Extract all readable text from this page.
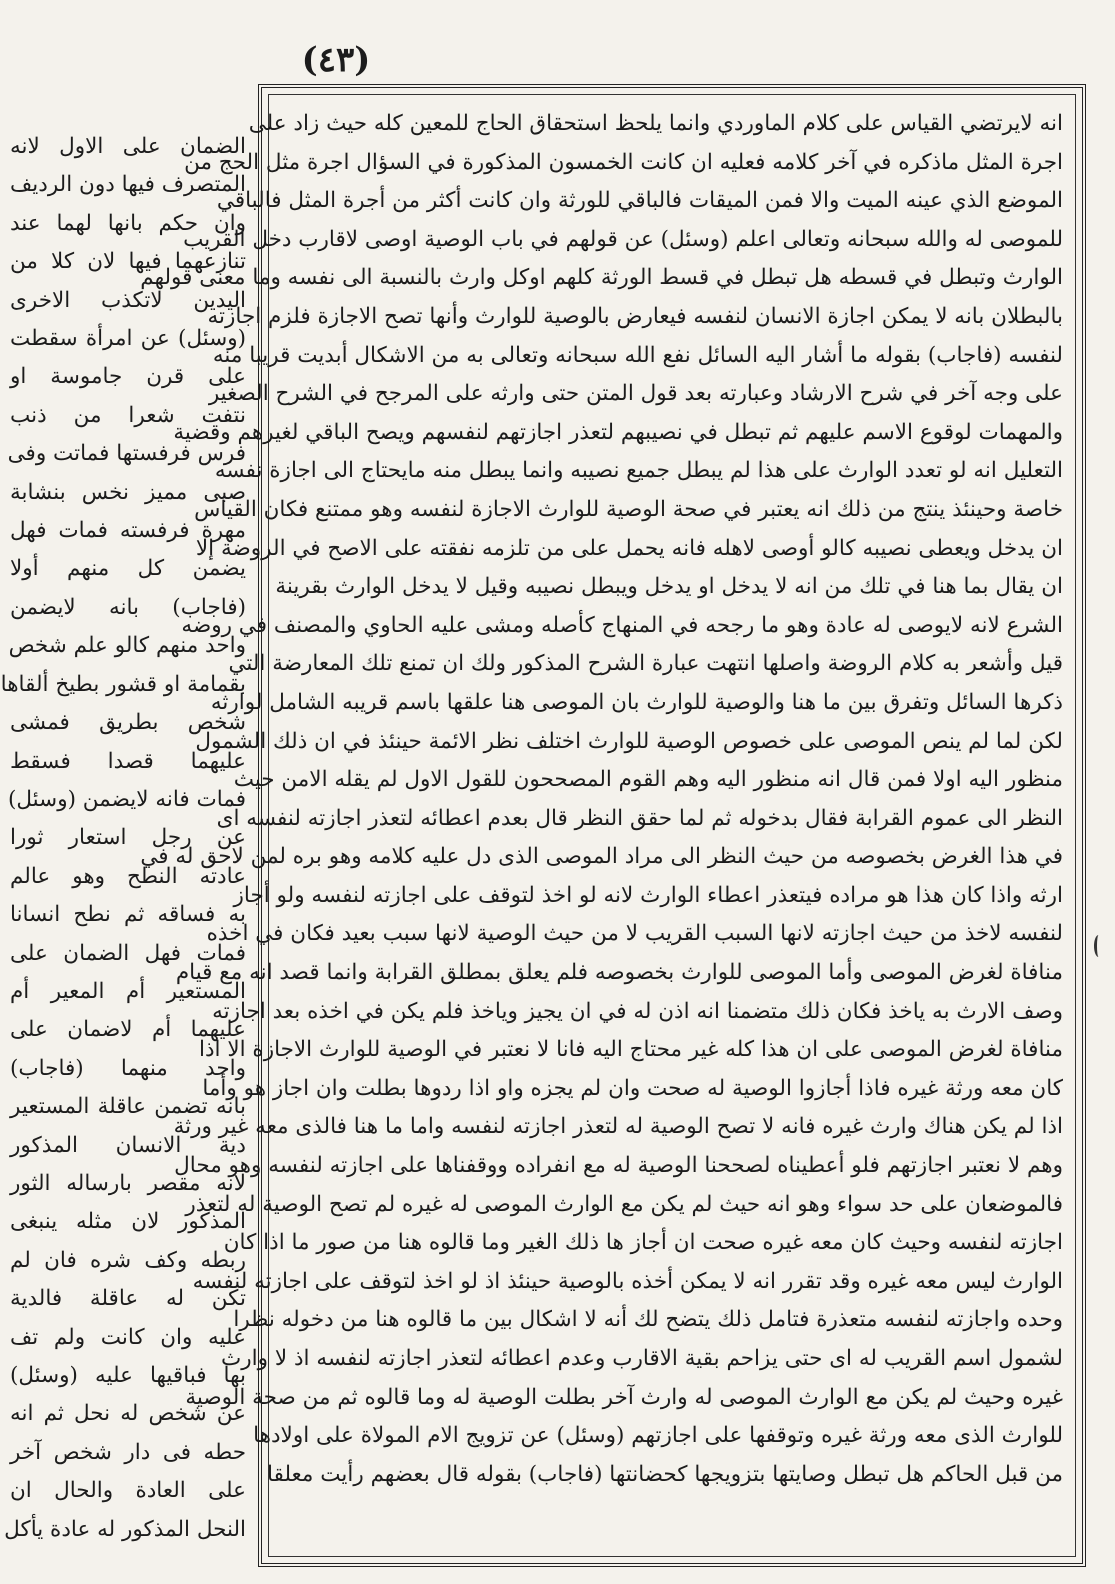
(٤٣)
الضمان على الاول لانه
المتصرف فيها دون الرديف
وان حكم بانها لهما عند
تنازعهما فيها لان كلا من
اليدين لاتكذب الاخرى
(وسئل) عن امرأة سقطت
على قرن جاموسة او
نتفت شعرا من ذنب
فرس فرفستها فماتت وفى
صبى مميز نخس بنشابة
مهرة فرفسته فمات فهل
يضمن كل منهم أولا
(فاجاب) بانه لايضمن
واحد منهم كالو علم شخص
بقمامة او قشور بطيخ ألقاها
شخص بطريق فمشى
عليهما قصدا فسقط
فمات فانه لايضمن (وسئل)
عن رجل استعار ثورا
عادته النطح وهو عالم
به فساقه ثم نطح انسانا
فمات فهل الضمان على
المستعير أم المعير أم
عليهما أم لاضمان على
واحد منهما (فاجاب)
بانه تضمن عاقلة المستعير
دية الانسان المذكور
لانه مقصر بارساله الثور
المذكور لان مثله ينبغى
ربطه وكف شره فان لم
تكن له عاقلة فالدية
عليه وان كانت ولم تف
بها فباقيها عليه (وسئل)
عن شخص له نحل ثم انه
حطه فى دار شخص آخر
على العادة والحال ان
النحل المذكور له عادة يأكل
انه لايرتضي القياس على كلام الماوردي وانما يلحظ استحقاق الحاج للمعين كله حيث زاد على
اجرة المثل ماذكره في آخر كلامه فعليه ان كانت الخمسون المذكورة في السؤال اجرة مثل الحج من
الموضع الذي عينه الميت والا فمن الميقات فالباقي للورثة وان كانت أكثر من أجرة المثل فالباقي
للموصى له والله سبحانه وتعالى اعلم (وسئل) عن قولهم في باب الوصية اوصى لاقارب دخل القريب
الوارث وتبطل في قسطه هل تبطل في قسط الورثة كلهم اوكل وارث بالنسبة الى نفسه وما معنى قولهم
بالبطلان بانه لا يمكن اجازة الانسان لنفسه فيعارض بالوصية للوارث وأنها تصح الاجازة فلزم اجازته
لنفسه (فاجاب) بقوله ما أشار اليه السائل نفع الله سبحانه وتعالى به من الاشكال أبديت قريبا منه
على وجه آخر في شرح الارشاد وعبارته بعد قول المتن حتى وارثه على المرجح في الشرح الصغير
والمهمات لوقوع الاسم عليهم ثم تبطل في نصيبهم لتعذر اجازتهم لنفسهم ويصح الباقي لغيرهم وقضية
التعليل انه لو تعدد الوارث على هذا لم يبطل جميع نصيبه وانما يبطل منه مايحتاج الى اجازة نفسه
خاصة وحينئذ ينتج من ذلك انه يعتبر في صحة الوصية للوارث الاجازة لنفسه وهو ممتنع فكان القياس
ان يدخل ويعطى نصيبه كالو أوصى لاهله فانه يحمل على من تلزمه نفقته على الاصح في الروضة إلا
ان يقال بما هنا في تلك من انه لا يدخل او يدخل ويبطل نصيبه وقيل لا يدخل الوارث بقرينة
الشرع لانه لايوصى له عادة وهو ما رجحه في المنهاج كأصله ومشى عليه الحاوي والمصنف في روضه
قيل وأشعر به كلام الروضة واصلها انتهت عبارة الشرح المذكور ولك ان تمنع تلك المعارضة التي
ذكرها السائل وتفرق بين ما هنا والوصية للوارث بان الموصى هنا علقها باسم قريبه الشامل لوارثه
لكن لما لم ينص الموصى على خصوص الوصية للوارث اختلف نظر الائمة حينئذ في ان ذلك الشمول
منظور اليه اولا فمن قال انه منظور اليه وهم القوم المصححون للقول الاول لم يقله الامن حيث
النظر الى عموم القرابة فقال بدخوله ثم لما حقق النظر قال بعدم اعطائه لتعذر اجازته لنفسه اى
في هذا الغرض بخصوصه من حيث النظر الى مراد الموصى الذى دل عليه كلامه وهو بره لمن لاحق له في
ارثه واذا كان هذا هو مراده فيتعذر اعطاء الوارث لانه لو اخذ لتوقف على اجازته لنفسه ولو أجاز
لنفسه لاخذ من حيث اجازته لانها السبب القريب لا من حيث الوصية لانها سبب بعيد فكان في اخذه
منافاة لغرض الموصى وأما الموصى للوارث بخصوصه فلم يعلق بمطلق القرابة وانما قصد انه مع قيام
وصف الارث به ياخذ فكان ذلك متضمنا انه اذن له في ان يجيز وياخذ فلم يكن في اخذه بعد اجازته
منافاة لغرض الموصى على ان هذا كله غير محتاج اليه فانا لا نعتبر في الوصية للوارث الاجازة الا اذا
كان معه ورثة غيره فاذا أجازوا الوصية له صحت وان لم يجزه واو اذا ردوها بطلت وان اجاز هو وأما
اذا لم يكن هناك وارث غيره فانه لا تصح الوصية له لتعذر اجازته لنفسه واما ما هنا فالذى معه غير ورثة
وهم لا نعتبر اجازتهم فلو أعطيناه لصححنا الوصية له مع انفراده ووقفناها على اجازته لنفسه وهو محال
فالموضعان على حد سواء وهو انه حيث لم يكن مع الوارث الموصى له غيره لم تصح الوصية له لتعذر
اجازته لنفسه وحيث كان معه غيره صحت ان أجاز ها ذلك الغير وما قالوه هنا من صور ما اذا كان
الوارث ليس معه غيره وقد تقرر انه لا يمكن أخذه بالوصية حينئذ اذ لو اخذ لتوقف على اجازته لنفسه
وحده واجازته لنفسه متعذرة فتامل ذلك يتضح لك أنه لا اشكال بين ما قالوه هنا من دخوله نظرا
لشمول اسم القريب له اى حتى يزاحم بقية الاقارب وعدم اعطائه لتعذر اجازته لنفسه اذ لا وارث
غيره وحيث لم يكن مع الوارث الموصى له وارث آخر بطلت الوصية له وما قالوه ثم من صحة الوصية
للوارث الذى معه ورثة غيره وتوقفها على اجازتهم (وسئل) عن تزويج الام المولاة على اولادها
من قبل الحاكم هل تبطل وصايتها بتزويجها كحضانتها (فاجاب) بقوله قال بعضهم رأيت معلقا
